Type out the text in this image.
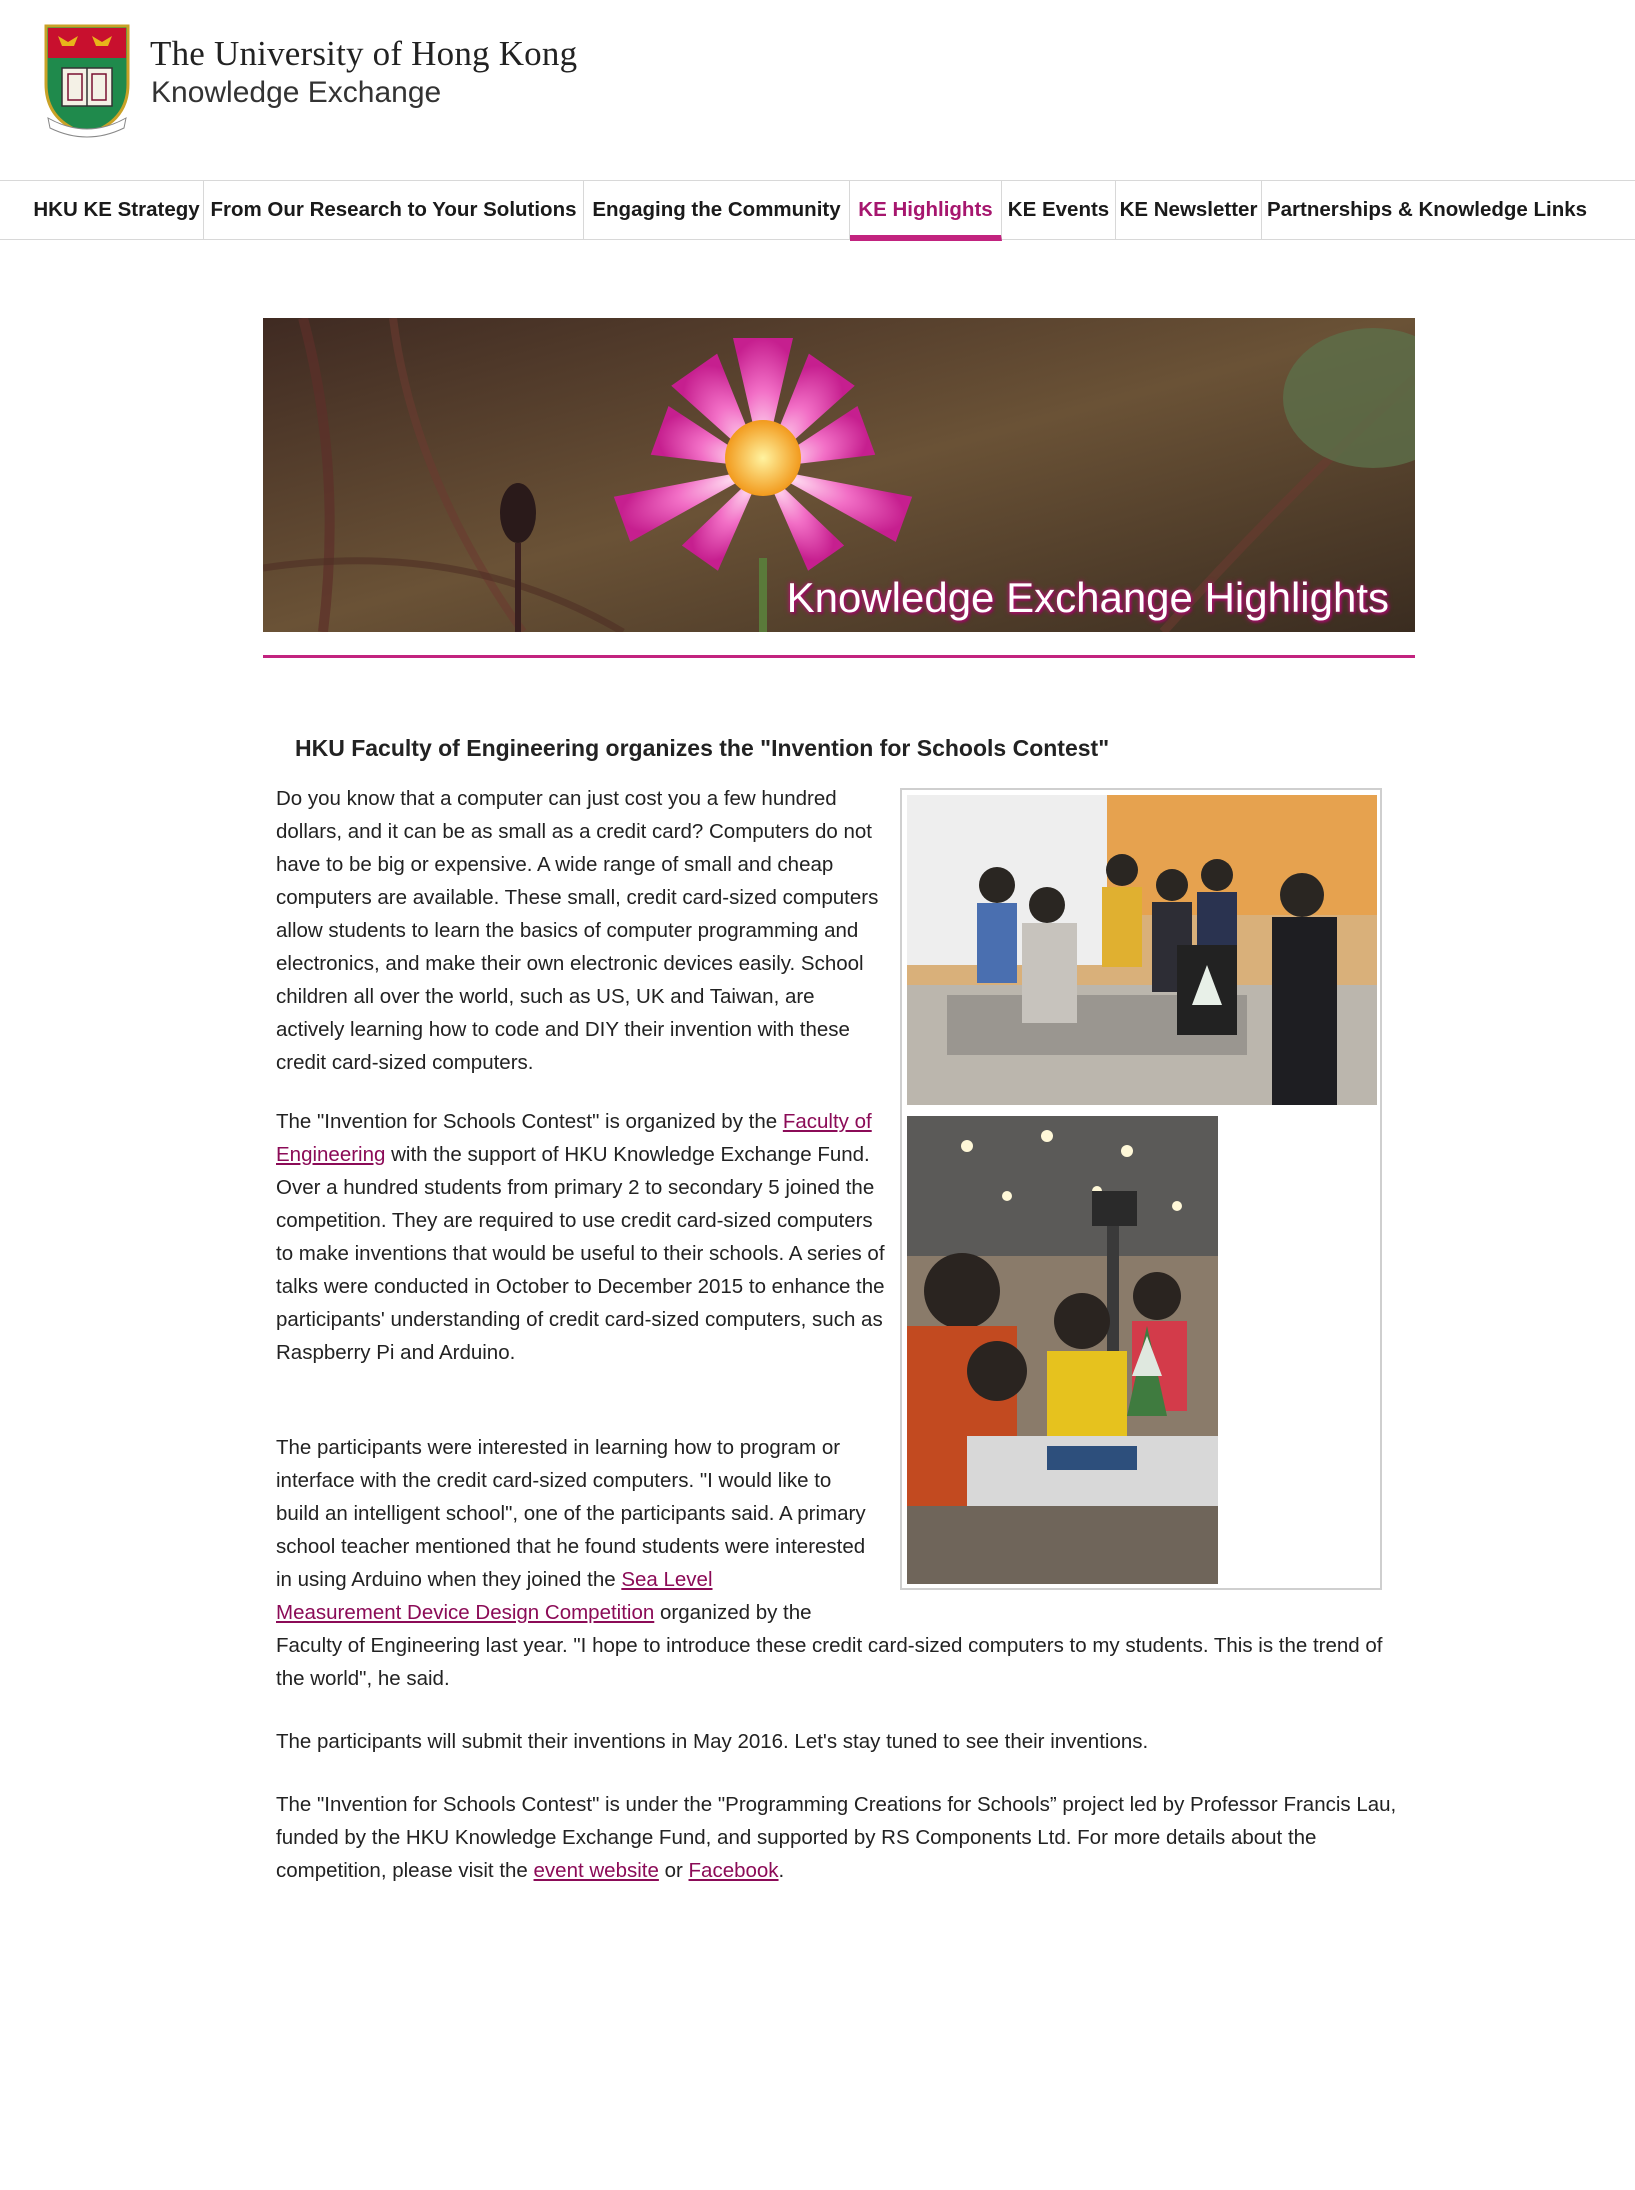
The University of Hong Kong
Knowledge Exchange
HKU KE Strategy From Our Research to Your Solutions Engaging the Community KE Highlights KE Events KE Newsletter Partnerships & Knowledge Links
Knowledge Exchange Highlights
HKU Faculty of Engineering organizes the "Invention for Schools Contest"

Do you know that a computer can just cost you a few hundred dollars, and it can be as small as a credit card? Computers do not have to be big or expensive. A wide range of small and cheap computers are available. These small, credit card-sized computers allow students to learn the basics of computer programming and electronics, and make their own electronic devices easily. School children all over the world, such as US, UK and Taiwan, are actively learning how to code and DIY their invention with these credit card-sized computers.

The "Invention for Schools Contest" is organized by the Faculty of Engineering with the support of HKU Knowledge Exchange Fund. Over a hundred students from primary 2 to secondary 5 joined the competition. They are required to use credit card-sized computers to make inventions that would be useful to their schools. A series of talks were conducted in October to December 2015 to enhance the participants' understanding of credit card-sized computers, such as Raspberry Pi and Arduino.

The participants were interested in learning how to program or interface with the credit card-sized computers. "I would like to build an intelligent school", one of the participants said. A primary school teacher mentioned that he found students were interested in using Arduino when they joined the Sea Level
Measurement Device Design Competition organized by the

Faculty of Engineering last year. "I hope to introduce these credit card-sized computers to my students. This is the trend of the world", he said.

The participants will submit their inventions in May 2016. Let's stay tuned to see their inventions.

The "Invention for Schools Contest" is under the "Programming Creations for Schools” project led by Professor Francis Lau, funded by the HKU Knowledge Exchange Fund, and supported by RS Components Ltd. For more details about the competition, please visit the event website or Facebook.
